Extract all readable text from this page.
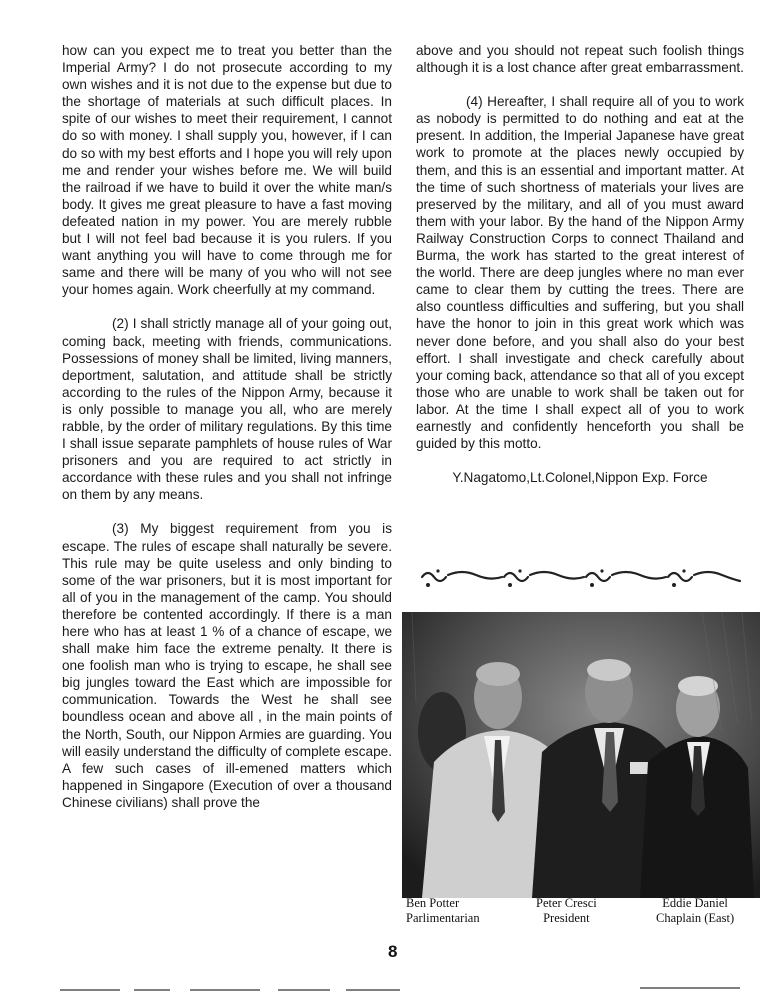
how can you expect me to treat you better than the Imperial Army? I do not prosecute according to my own wishes and it is not due to the expense but due to the shortage of materials at such difficult places. In spite of our wishes to meet their requirement, I cannot do so with money. I shall supply you, however, if I can do so with my best efforts and I hope you will rely upon me and render your wishes before me. We will build the railroad if we have to build it over the white man/s body. It gives me great pleasure to have a fast moving defeated nation in my power. You are merely rubble but I will not feel bad because it is you rulers. If you want anything you will have to come through me for same and there will be many of you who will not see your homes again. Work cheerfully at my command.

(2) I shall strictly manage all of your going out, coming back, meeting with friends, communications. Possessions of money shall be limited, living manners, deportment, salutation, and attitude shall be strictly according to the rules of the Nippon Army, because it is only possible to manage you all, who are merely rabble, by the order of military regulations. By this time I shall issue separate pamphlets of house rules of War prisoners and you are required to act strictly in accordance with these rules and you shall not infringe on them by any means.

(3) My biggest requirement from you is escape. The rules of escape shall naturally be severe. This rule may be quite useless and only binding to some of the war prisoners, but it is most important for all of you in the management of the camp. You should therefore be contented accordingly. If there is a man here who has at least 1 % of a chance of escape, we shall make him face the extreme penalty. It there is one foolish man who is trying to escape, he shall see big jungles toward the East which are impossible for communication. Towards the West he shall see boundless ocean and above all , in the main points of the North, South, our Nippon Armies are guarding. You will easily understand the difficulty of complete escape. A few such cases of ill-emened matters which happened in Singapore (Execution of over a thousand Chinese civilians) shall prove the

above and you should not repeat such foolish things although it is a lost chance after great embarrassment.

(4) Hereafter, I shall require all of you to work as nobody is permitted to do nothing and eat at the present. In addition, the Imperial Japanese have great work to promote at the places newly occupied by them, and this is an essential and important matter. At the time of such shortness of materials your lives are preserved by the military, and all of you must award them with your labor. By the hand of the Nippon Army Railway Construction Corps to connect Thailand and Burma, the work has started to the great interest of the world. There are deep jungles where no man ever came to clear them by cutting the trees. There are also countless difficulties and suffering, but you shall have the honor to join in this great work which was never done before, and you shall also do your best effort. I shall investigate and check carefully about your coming back, attendance so that all of you except those who are unable to work shall be taken out for labor. At the time I shall expect all of you to work earnestly and confidently henceforth you shall be guided by this motto.

Y.Nagatomo,Lt.Colonel,Nippon Exp. Force

Ben Potter
Parlimentarian
Peter Cresci
President
Eddie Daniel
Chaplain (East)
8
